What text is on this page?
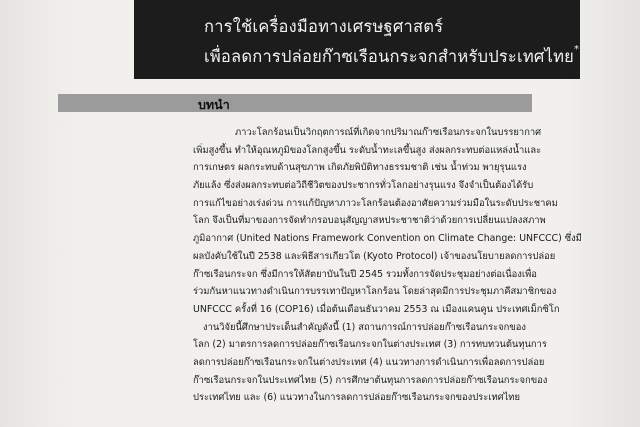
การใช้เครื่องมือทางเศรษฐศาสตร์
เพื่อลดการปล่อยก๊าซเรือนกระจกสำหรับประเทศไทย*
บทนำ
ภาวะโลกร้อนเป็นวิกฤตการณ์ที่เกิดจากปริมาณก๊าซเรือนกระจกในบรรยากาศ
เพิ่มสูงขึ้น ทำให้อุณหภูมิของโลกสูงขึ้น ระดับน้ำทะเลขึ้นสูง ส่งผลกระทบต่อแหล่งน้ำและ
การเกษตร ผลกระทบด้านสุขภาพ เกิดภัยพิบัติทางธรรมชาติ เช่น น้ำท่วม พายุรุนแรง
ภัยแล้ง ซึ่งส่งผลกระทบต่อวิถีชีวิตของประชากรทั่วโลกอย่างรุนแรง จึงจำเป็นต้องได้รับ
การแก้ไขอย่างเร่งด่วน การแก้ปัญหาภาวะโลกร้อนต้องอาศัยความร่วมมือในระดับประชาคม
โลก จึงเป็นที่มาของการจัดทำกรอบอนุสัญญาสหประชาชาติว่าด้วยการเปลี่ยนแปลงสภาพ
ภูมิอากาศ (United Nations Framework Convention on Climate Change: UNFCCC) ซึ่งมี
ผลบังคับใช้ในปี 2538 และพิธีสารเกียวโต (Kyoto Protocol) เจ้าของนโยบายลดการปล่อย
ก๊าซเรือนกระจก ซึ่งมีการให้สัตยาบันในปี 2545 รวมทั้งการจัดประชุมอย่างต่อเนื่องเพื่อ
ร่วมกันหาแนวทางดำเนินการบรรเทาปัญหาโลกร้อน โดยล่าสุดมีการประชุมภาคีสมาชิกของ
UNFCCC ครั้งที่ 16 (COP16) เมื่อต้นเดือนธันวาคม 2553 ณ เมืองแคนคูน ประเทศเม็กซิโก
งานวิจัยนี้ศึกษาประเด็นสำคัญดังนี้ (1) สถานการณ์การปล่อยก๊าซเรือนกระจกของ
โลก (2) มาตรการลดการปล่อยก๊าซเรือนกระจกในต่างประเทศ (3) การทบทวนต้นทุนการ
ลดการปล่อยก๊าซเรือนกระจกในต่างประเทศ (4) แนวทางการดำเนินการเพื่อลดการปล่อย
ก๊าซเรือนกระจกในประเทศไทย (5) การศึกษาต้นทุนการลดการปล่อยก๊าซเรือนกระจกของ
ประเทศไทย และ (6) แนวทางในการลดการปล่อยก๊าซเรือนกระจกของประเทศไทย
